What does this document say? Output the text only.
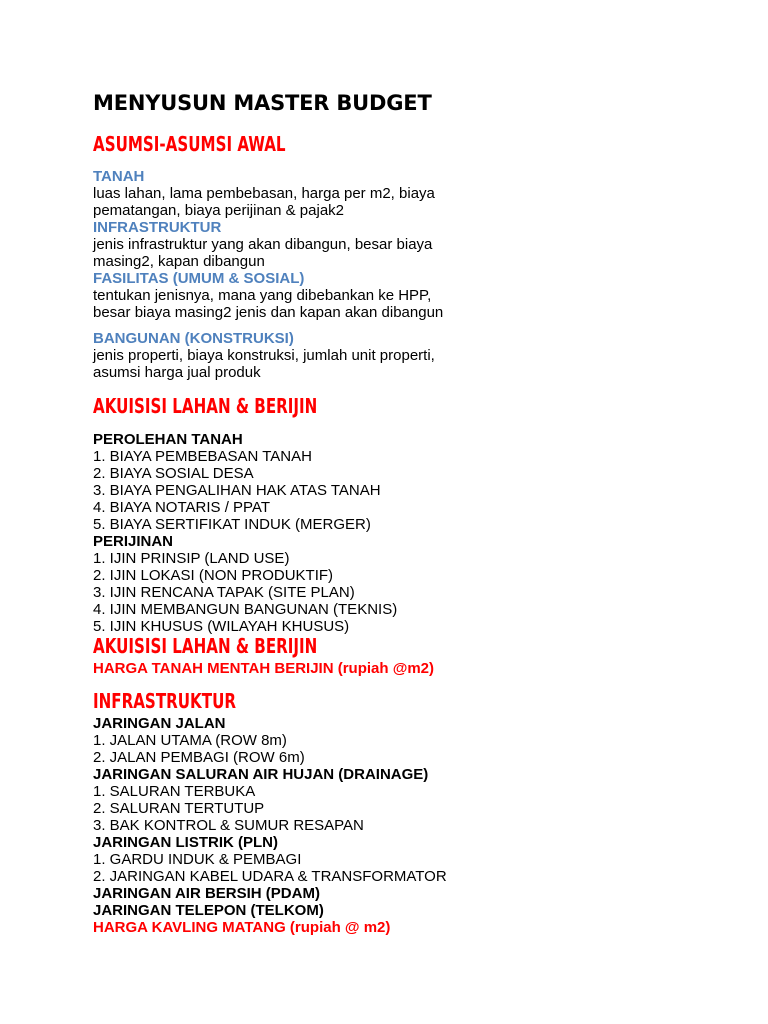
MENYUSUN MASTER BUDGET
ASUMSI-ASUMSI AWAL
TANAH
luas lahan, lama pembebasan, harga per m2, biaya
pematangan, biaya perijinan & pajak2
INFRASTRUKTUR
jenis infrastruktur yang akan dibangun, besar biaya
masing2, kapan dibangun
FASILITAS (UMUM & SOSIAL)
tentukan jenisnya, mana yang dibebankan ke HPP,
besar biaya masing2 jenis dan kapan akan dibangun
BANGUNAN (KONSTRUKSI)
jenis properti, biaya konstruksi, jumlah unit properti,
asumsi harga jual produk
AKUISISI LAHAN & BERIJIN
PEROLEHAN TANAH
1. BIAYA PEMBEBASAN TANAH
2. BIAYA SOSIAL DESA
3. BIAYA PENGALIHAN HAK ATAS TANAH
4. BIAYA NOTARIS / PPAT
5. BIAYA SERTIFIKAT INDUK (MERGER)
PERIJINAN
1. IJIN PRINSIP (LAND USE)
2. IJIN LOKASI (NON PRODUKTIF)
3. IJIN RENCANA TAPAK (SITE PLAN)
4. IJIN MEMBANGUN BANGUNAN (TEKNIS)
5. IJIN KHUSUS (WILAYAH KHUSUS)
AKUISISI LAHAN & BERIJIN
HARGA TANAH MENTAH BERIJIN (rupiah @m2)
INFRASTRUKTUR
JARINGAN JALAN
1. JALAN UTAMA (ROW 8m)
2. JALAN PEMBAGI (ROW 6m)
JARINGAN SALURAN AIR HUJAN (DRAINAGE)
1. SALURAN TERBUKA
2. SALURAN TERTUTUP
3. BAK KONTROL & SUMUR RESAPAN
JARINGAN LISTRIK (PLN)
1. GARDU INDUK & PEMBAGI
2. JARINGAN KABEL UDARA & TRANSFORMATOR
JARINGAN AIR BERSIH (PDAM)
JARINGAN TELEPON (TELKOM)
HARGA KAVLING MATANG (rupiah @ m2)
